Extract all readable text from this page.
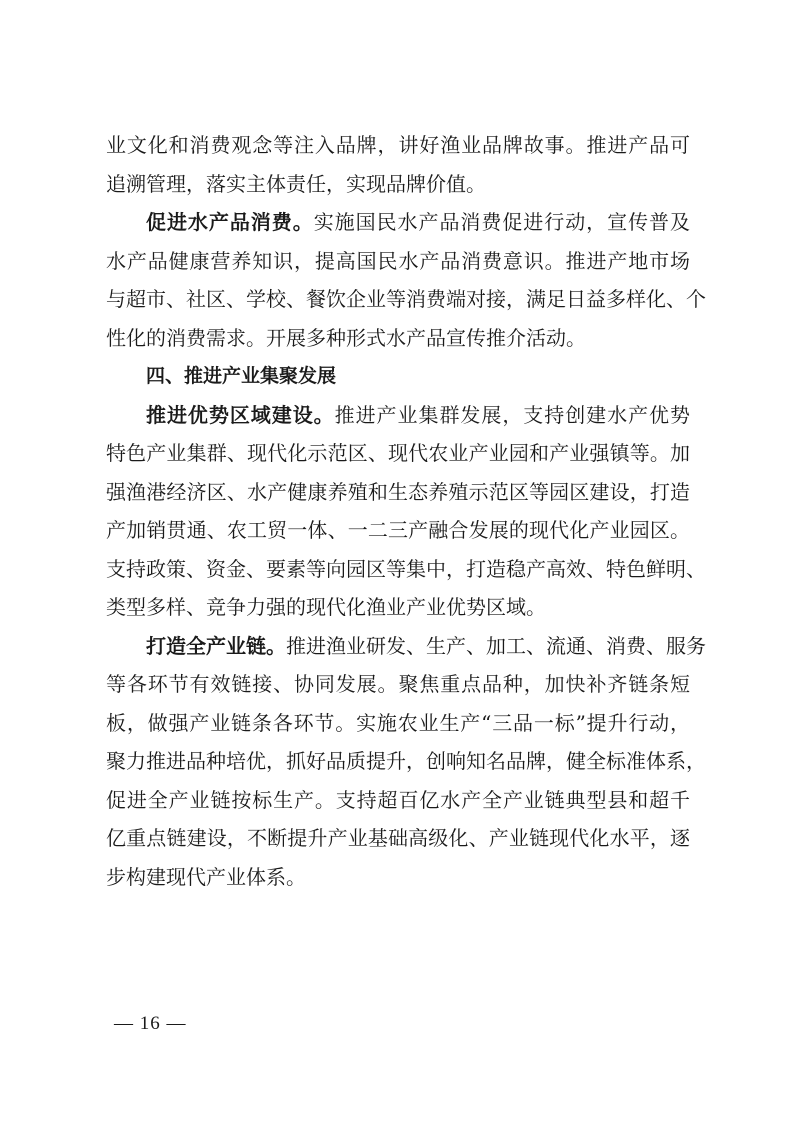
业文化和消费观念等注入品牌，讲好渔业品牌故事。推进产品可
追溯管理，落实主体责任，实现品牌价值。
促进水产品消费。实施国民水产品消费促进行动，宣传普及
水产品健康营养知识，提高国民水产品消费意识。推进产地市场
与超市、社区、学校、餐饮企业等消费端对接，满足日益多样化、个
性化的消费需求。开展多种形式水产品宣传推介活动。
四、推进产业集聚发展
推进优势区域建设。推进产业集群发展，支持创建水产优势
特色产业集群、现代化示范区、现代农业产业园和产业强镇等。加
强渔港经济区、水产健康养殖和生态养殖示范区等园区建设，打造
产加销贯通、农工贸一体、一二三产融合发展的现代化产业园区。
支持政策、资金、要素等向园区等集中，打造稳产高效、特色鲜明、
类型多样、竞争力强的现代化渔业产业优势区域。
打造全产业链。推进渔业研发、生产、加工、流通、消费、服务
等各环节有效链接、协同发展。聚焦重点品种，加快补齐链条短
板，做强产业链条各环节。实施农业生产“三品一标”提升行动，
聚力推进品种培优，抓好品质提升，创响知名品牌，健全标准体系，
促进全产业链按标生产。支持超百亿水产全产业链典型县和超千
亿重点链建设，不断提升产业基础高级化、产业链现代化水平，逐
步构建现代产业体系。
— 16 —
